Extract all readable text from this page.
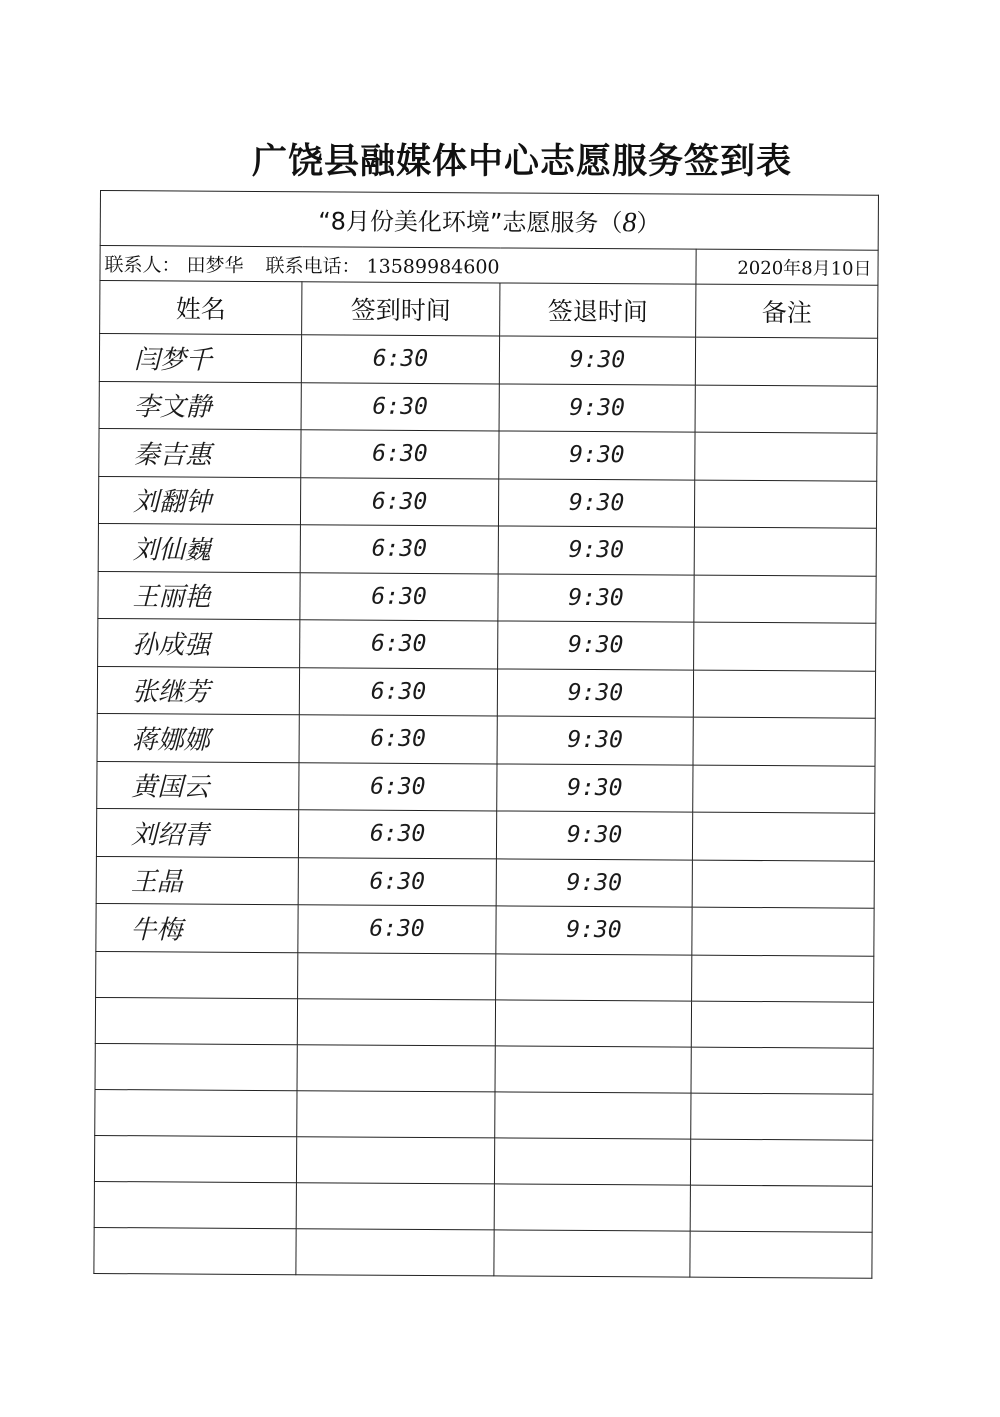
广饶县融媒体中心志愿服务签到表
“8月份美化环境”志愿服务（8）			
联系人： 田梦华 联系电话： 13589984600			2020年8月10日
姓名	签到时间	签退时间	备注
闫梦千	6:30	9:30	
李文静	6:30	9:30	
秦吉惠	6:30	9:30	
刘翻钟	6:30	9:30	
刘仙巍	6:30	9:30	
王丽艳	6:30	9:30	
孙成强	6:30	9:30	
张继芳	6:30	9:30	
蒋娜娜	6:30	9:30	
黄国云	6:30	9:30	
刘绍青	6:30	9:30	
王晶	6:30	9:30	
牛梅	6:30	9:30	
